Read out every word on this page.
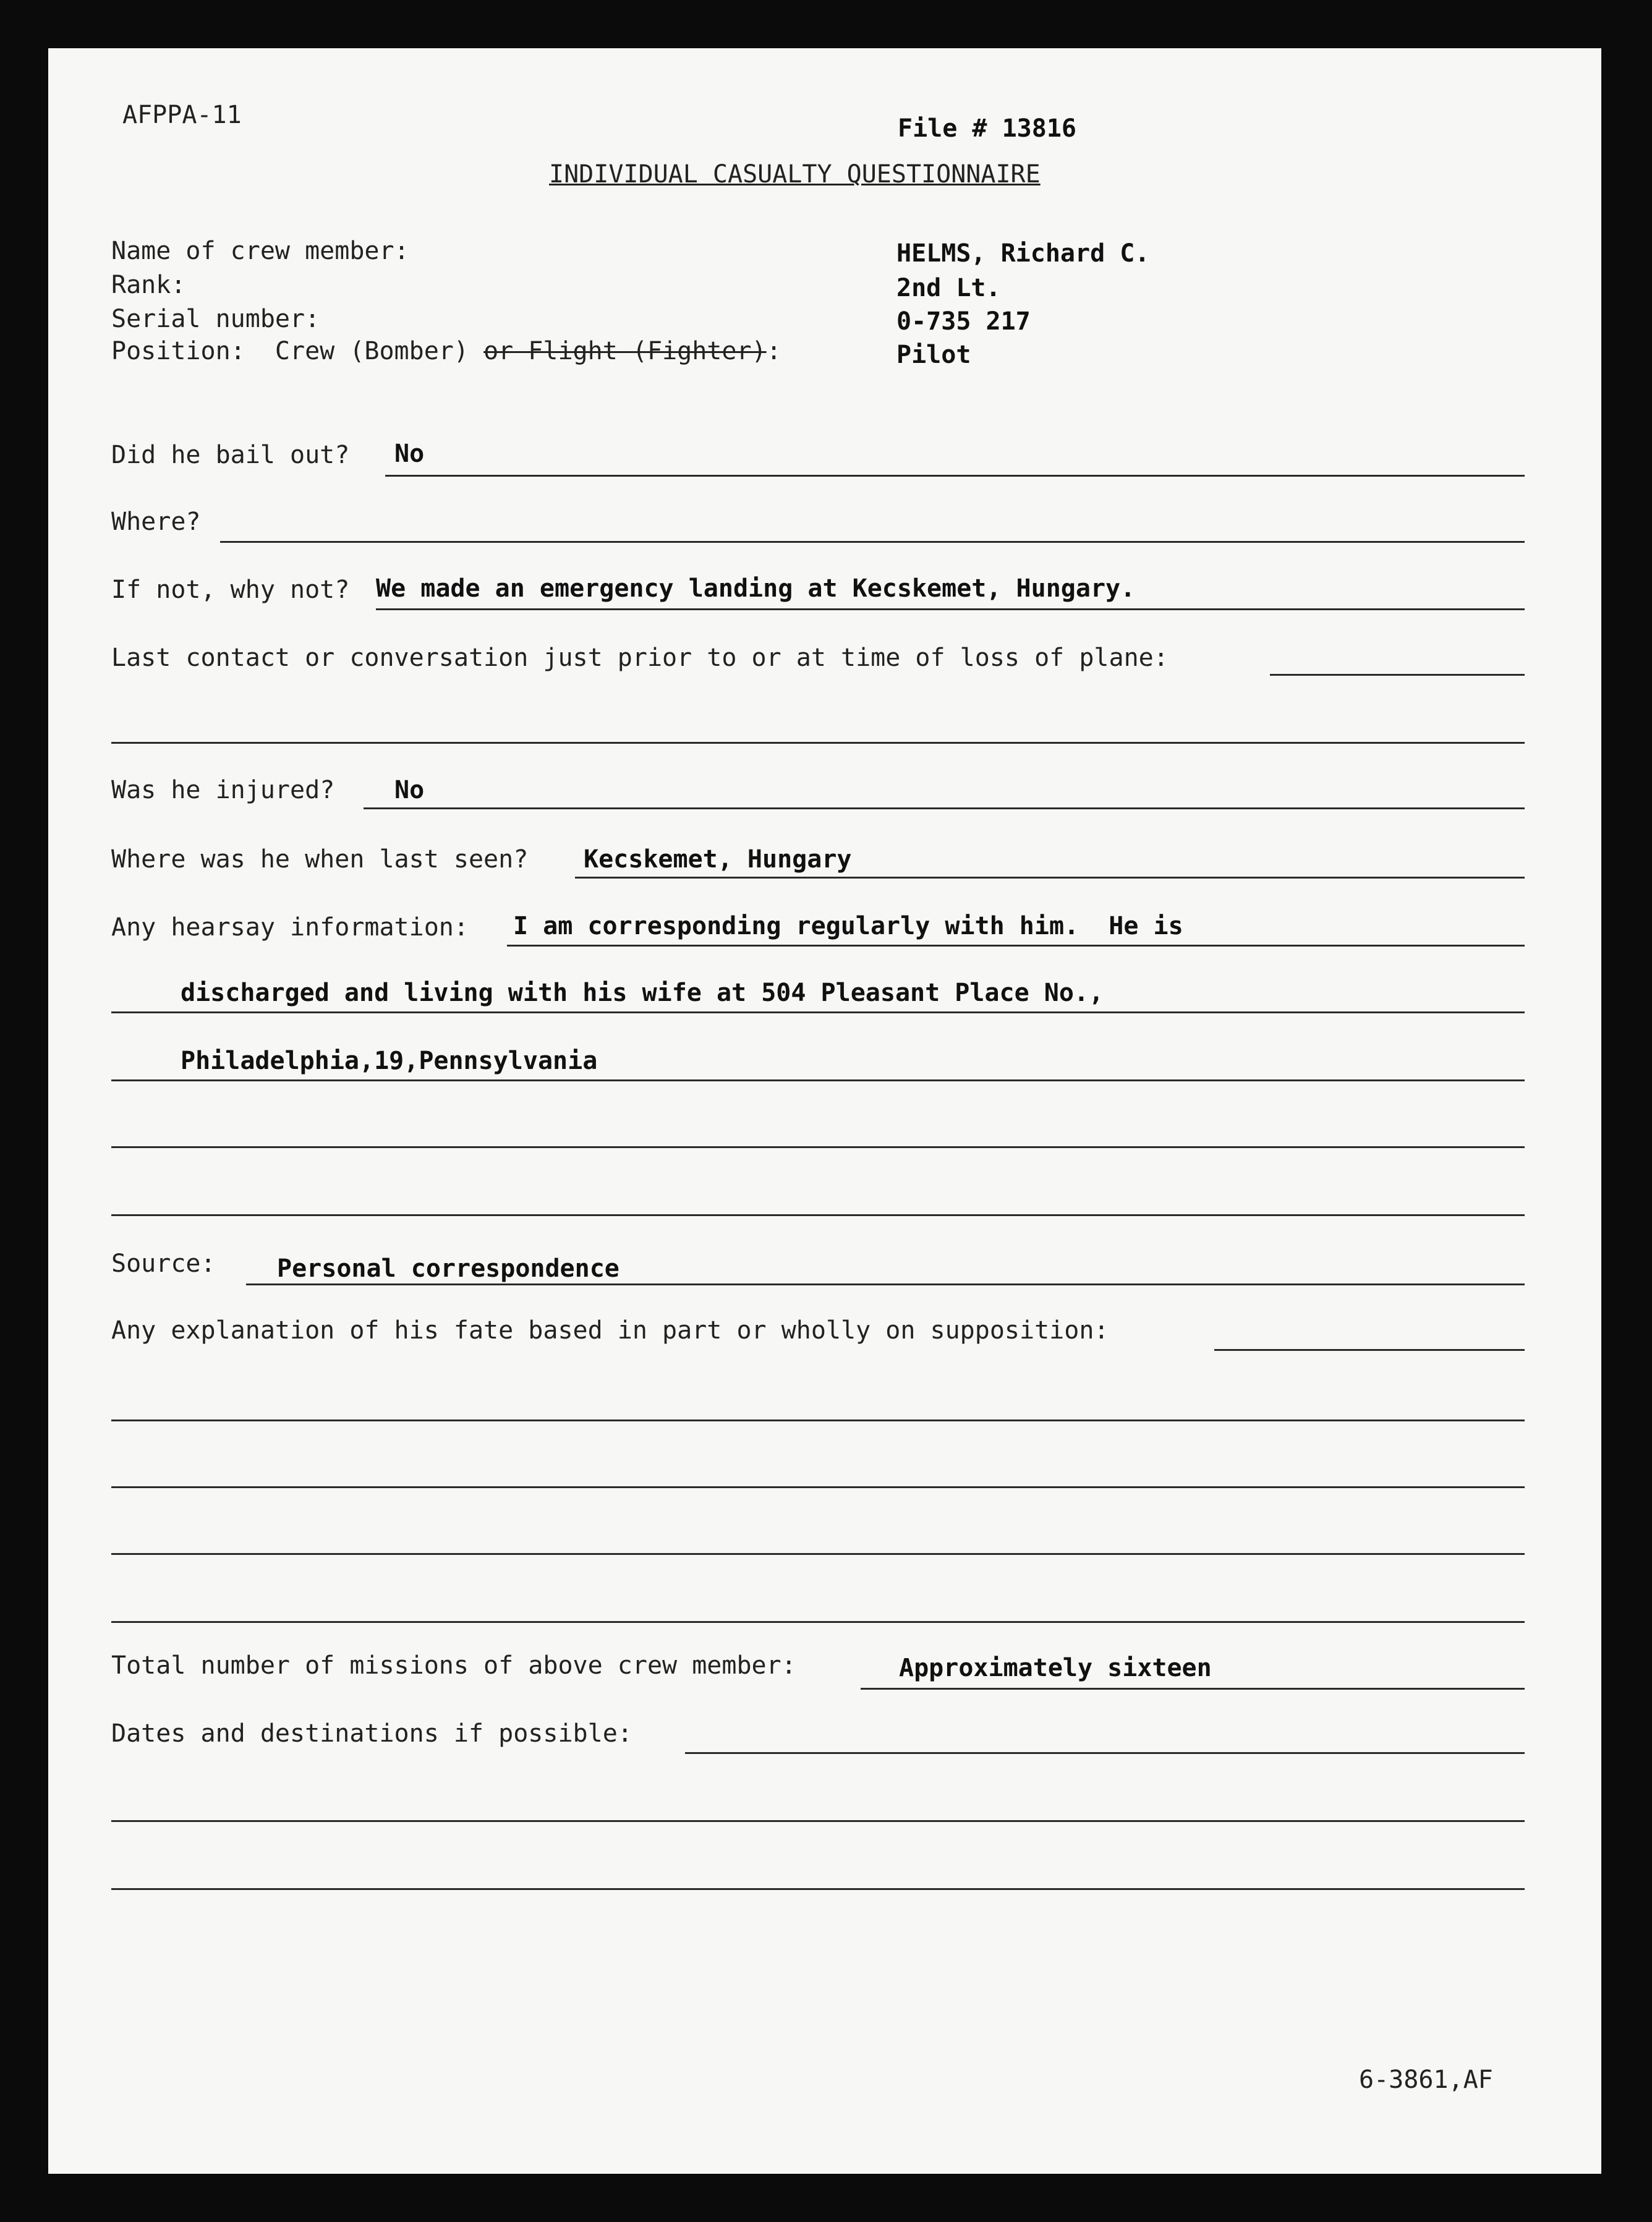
AFPPA-11	File # 13816
INDIVIDUAL CASUALTY QUESTIONNAIRE
Name of crew member:	HELMS, Richard C.
Rank:	2nd Lt.
Serial number:	0-735 217
Position:  Crew (Bomber) or Flight (Fighter):	Pilot
Did he bail out? No
Where?
If not, why not? We made an emergency landing at Kecskemet, Hungary.
Last contact or conversation just prior to or at time of loss of plane:
Was he injured? No
Where was he when last seen? Kecskemet, Hungary
Any hearsay information: I am corresponding regularly with him.  He is
discharged and living with his wife at 504 Pleasant Place No.,
Philadelphia,19,Pennsylvania
Source: Personal correspondence
Any explanation of his fate based in part or wholly on supposition:
Total number of missions of above crew member:	Approximately sixteen
Dates and destinations if possible:
6-3861,AF
